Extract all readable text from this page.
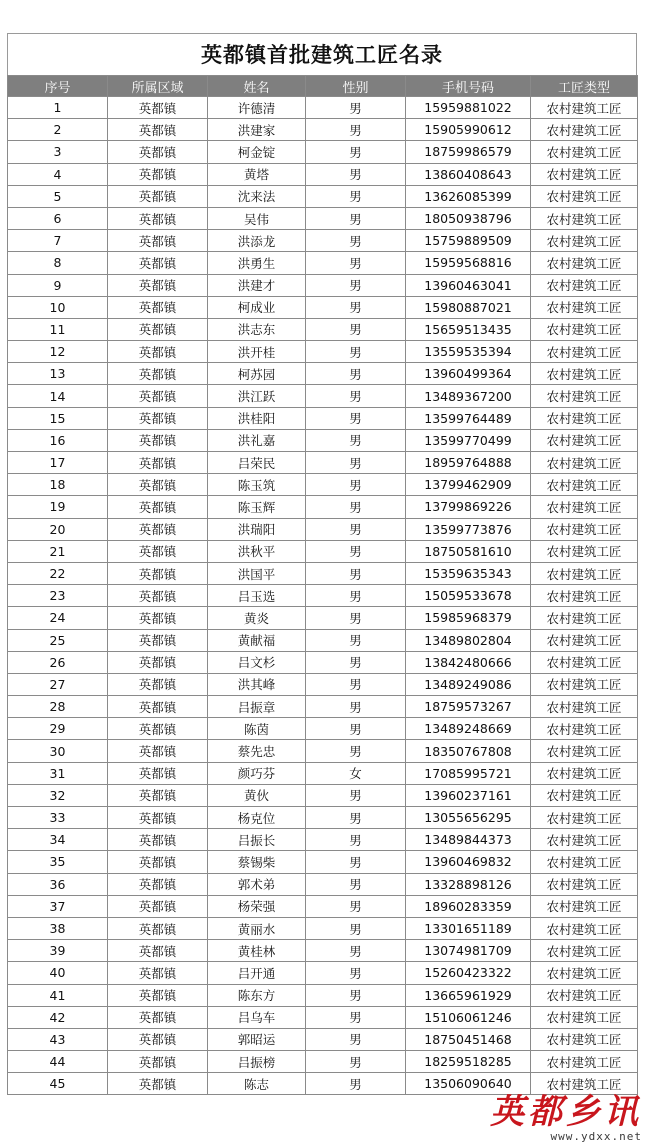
英都镇首批建筑工匠名录
序号	所属区域	姓名	性别	手机号码	工匠类型
1	英都镇	许德清	男	15959881022	农村建筑工匠
2	英都镇	洪建家	男	15905990612	农村建筑工匠
3	英都镇	柯金锭	男	18759986579	农村建筑工匠
4	英都镇	黄塔	男	13860408643	农村建筑工匠
5	英都镇	沈来法	男	13626085399	农村建筑工匠
6	英都镇	吴伟	男	18050938796	农村建筑工匠
7	英都镇	洪添龙	男	15759889509	农村建筑工匠
8	英都镇	洪勇生	男	15959568816	农村建筑工匠
9	英都镇	洪建才	男	13960463041	农村建筑工匠
10	英都镇	柯成业	男	15980887021	农村建筑工匠
11	英都镇	洪志东	男	15659513435	农村建筑工匠
12	英都镇	洪开桂	男	13559535394	农村建筑工匠
13	英都镇	柯苏园	男	13960499364	农村建筑工匠
14	英都镇	洪江跃	男	13489367200	农村建筑工匠
15	英都镇	洪桂阳	男	13599764489	农村建筑工匠
16	英都镇	洪礼嘉	男	13599770499	农村建筑工匠
17	英都镇	吕荣民	男	18959764888	农村建筑工匠
18	英都镇	陈玉筑	男	13799462909	农村建筑工匠
19	英都镇	陈玉辉	男	13799869226	农村建筑工匠
20	英都镇	洪瑞阳	男	13599773876	农村建筑工匠
21	英都镇	洪秋平	男	18750581610	农村建筑工匠
22	英都镇	洪国平	男	15359635343	农村建筑工匠
23	英都镇	吕玉选	男	15059533678	农村建筑工匠
24	英都镇	黄炎	男	15985968379	农村建筑工匠
25	英都镇	黄献福	男	13489802804	农村建筑工匠
26	英都镇	吕文杉	男	13842480666	农村建筑工匠
27	英都镇	洪其峰	男	13489249086	农村建筑工匠
28	英都镇	吕振章	男	18759573267	农村建筑工匠
29	英都镇	陈茵	男	13489248669	农村建筑工匠
30	英都镇	蔡先忠	男	18350767808	农村建筑工匠
31	英都镇	颜巧芬	女	17085995721	农村建筑工匠
32	英都镇	黄伙	男	13960237161	农村建筑工匠
33	英都镇	杨克位	男	13055656295	农村建筑工匠
34	英都镇	吕振长	男	13489844373	农村建筑工匠
35	英都镇	蔡锡柴	男	13960469832	农村建筑工匠
36	英都镇	郭术弟	男	13328898126	农村建筑工匠
37	英都镇	杨荣强	男	18960283359	农村建筑工匠
38	英都镇	黄丽水	男	13301651189	农村建筑工匠
39	英都镇	黄桂林	男	13074981709	农村建筑工匠
40	英都镇	吕开通	男	15260423322	农村建筑工匠
41	英都镇	陈东方	男	13665961929	农村建筑工匠
42	英都镇	吕乌车	男	15106061246	农村建筑工匠
43	英都镇	郭昭运	男	18750451468	农村建筑工匠
44	英都镇	吕振榜	男	18259518285	农村建筑工匠
45	英都镇	陈志	男	13506090640	农村建筑工匠
英都乡讯
www.ydxx.net
